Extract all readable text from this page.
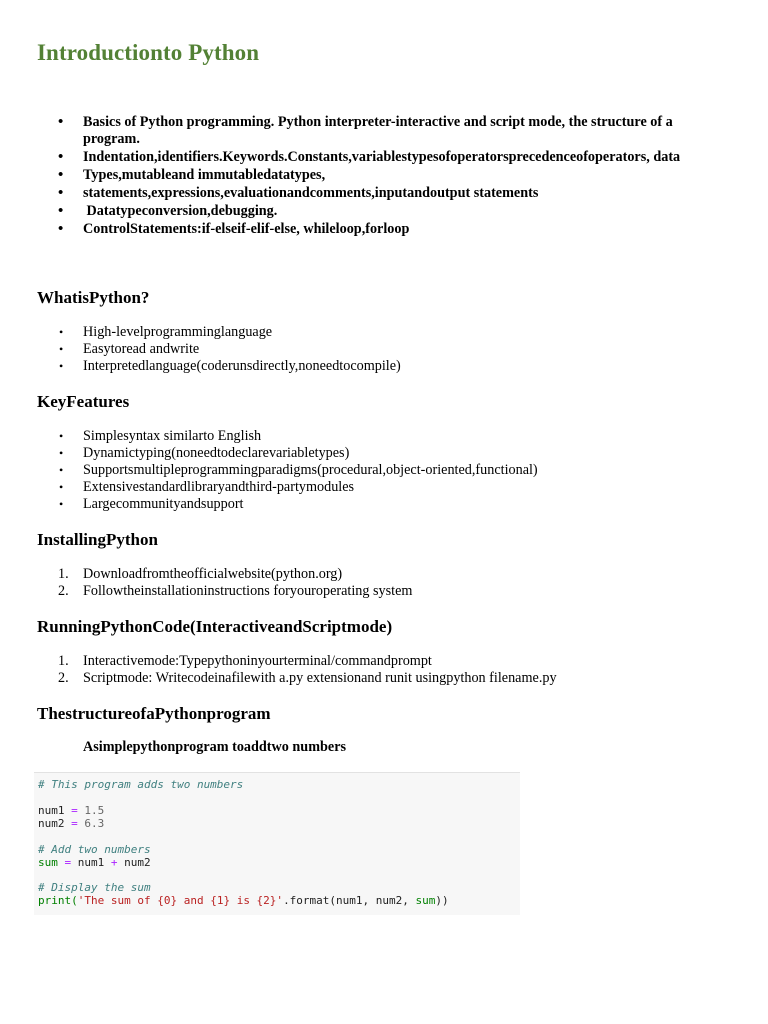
Introductionto Python
• Basics of Python programming. Python interpreter-interactive and script mode, the structure of a program.
• Indentation,identifiers.Keywords.Constants,variablestypesofoperatorsprecedenceofoperators, data
• Types,mutableand immutabledatatypes,
• statements,expressions,evaluationandcomments,inputandoutput statements
•  Datatypeconversion,debugging.
• ControlStatements:if-elseif-elif-else, whileloop,forloop
WhatisPython?
• High-levelprogramminglanguage
• Easytoread andwrite
• Interpretedlanguage(coderunsdirectly,noneedtocompile)
KeyFeatures
• Simplesyntax similarto English
• Dynamictyping(noneedtodeclarevariabletypes)
• Supportsmultipleprogrammingparadigms(procedural,object-oriented,functional)
• Extensivestandardlibraryandthird-partymodules
• Largecommunityandsupport
InstallingPython
1. Downloadfromtheofficialwebsite(python.org)
2. Followtheinstallationinstructions foryouroperating system
RunningPythonCode(InteractiveandScriptmode)
1. Interactivemode:Typepythoninyourterminal/commandprompt
2. Scriptmode: Writecodeinafilewith a.py extensionand runit usingpython filename.py
ThestructureofaPythonprogram
Asimplepythonprogram toaddtwo numbers
# This program adds two numbers
num1 = 1.5
num2 = 6.3
# Add two numbers
sum = num1 + num2
# Display the sum
print('The sum of {0} and {1} is {2}'.format(num1, num2, sum))
